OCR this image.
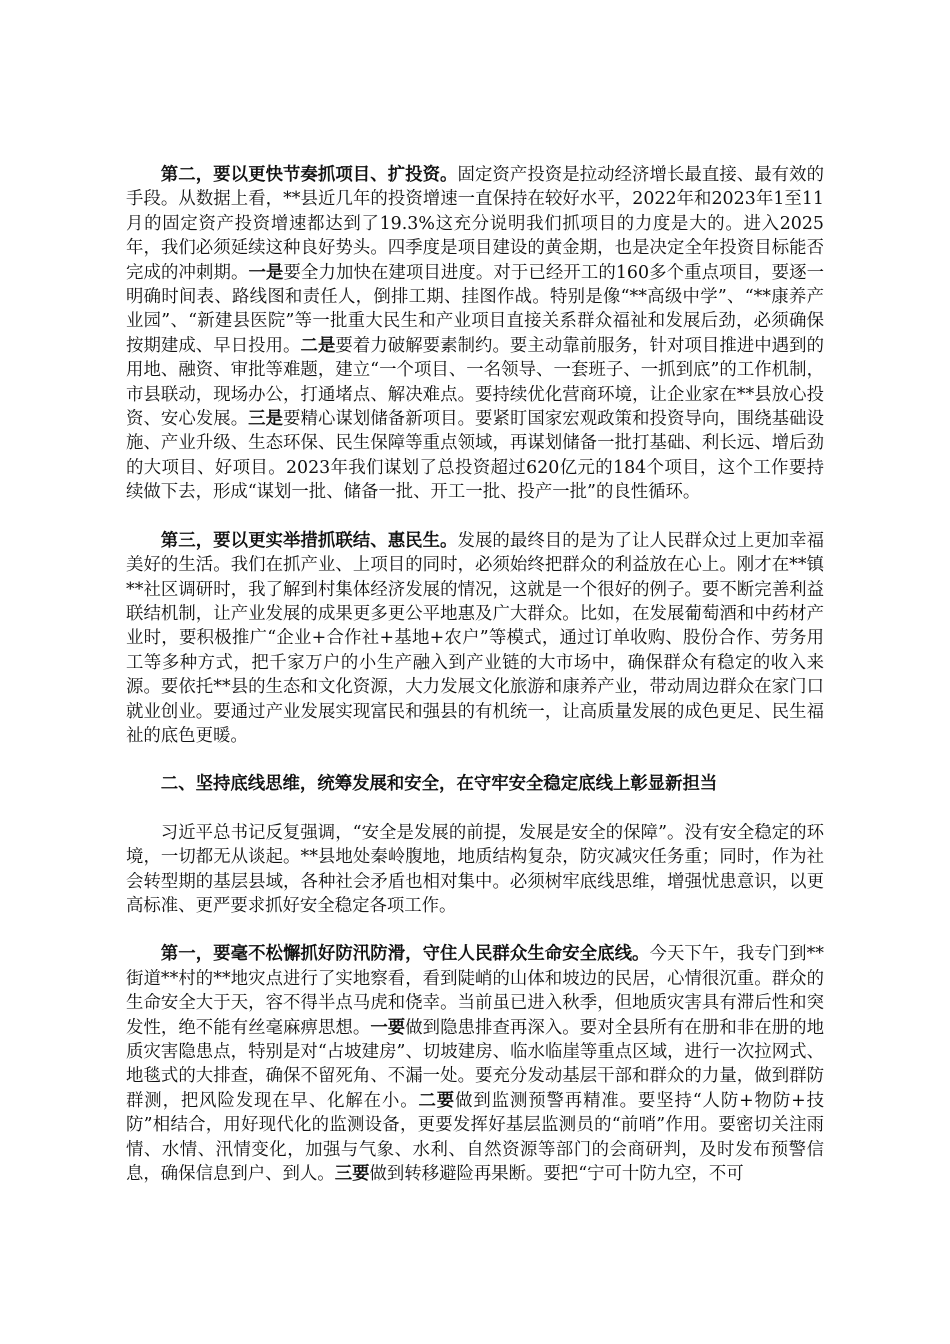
第二，要以更快节奏抓项目、扩投资。固定资产投资是拉动经济增长最直接、最有效的手段。从数据上看，**县近几年的投资增速一直保持在较好水平，2022年和2023年1至11月的固定资产投资增速都达到了19.3%这充分说明我们抓项目的力度是大的。进入2025年，我们必须延续这种良好势头。四季度是项目建设的黄金期，也是决定全年投资目标能否完成的冲刺期。一是要全力加快在建项目进度。对于已经开工的160多个重点项目，要逐一明确时间表、路线图和责任人，倒排工期、挂图作战。特别是像“**高级中学”、“**康养产业园”、“新建县医院”等一批重大民生和产业项目直接关系群众福祉和发展后劲，必须确保按期建成、早日投用。二是要着力破解要素制约。要主动靠前服务，针对项目推进中遇到的用地、融资、审批等难题，建立“一个项目、一名领导、一套班子、一抓到底”的工作机制，市县联动，现场办公，打通堵点、解决难点。要持续优化营商环境，让企业家在**县放心投资、安心发展。三是要精心谋划储备新项目。要紧盯国家宏观政策和投资导向，围绕基础设施、产业升级、生态环保、民生保障等重点领域，再谋划储备一批打基础、利长远、增后劲的大项目、好项目。2023年我们谋划了总投资超过620亿元的184个项目，这个工作要持续做下去，形成“谋划一批、储备一批、开工一批、投产一批”的良性循环。

第三，要以更实举措抓联结、惠民生。发展的最终目的是为了让人民群众过上更加幸福美好的生活。我们在抓产业、上项目的同时，必须始终把群众的利益放在心上。刚才在**镇**社区调研时，我了解到村集体经济发展的情况，这就是一个很好的例子。要不断完善利益联结机制，让产业发展的成果更多更公平地惠及广大群众。比如，在发展葡萄酒和中药材产业时，要积极推广“企业+合作社+基地+农户”等模式，通过订单收购、股份合作、劳务用工等多种方式，把千家万户的小生产融入到产业链的大市场中，确保群众有稳定的收入来源。要依托**县的生态和文化资源，大力发展文化旅游和康养产业，带动周边群众在家门口就业创业。要通过产业发展实现富民和强县的有机统一，让高质量发展的成色更足、民生福祉的底色更暖。

二、坚持底线思维，统筹发展和安全，在守牢安全稳定底线上彰显新担当

习近平总书记反复强调，“安全是发展的前提，发展是安全的保障”。没有安全稳定的环境，一切都无从谈起。**县地处秦岭腹地，地质结构复杂，防灾减灾任务重；同时，作为社会转型期的基层县域，各种社会矛盾也相对集中。必须树牢底线思维，增强忧患意识，以更高标准、更严要求抓好安全稳定各项工作。

第一，要毫不松懈抓好防汛防滑，守住人民群众生命安全底线。今天下午，我专门到**街道**村的**地灾点进行了实地察看，看到陡峭的山体和坡边的民居，心情很沉重。群众的生命安全大于天，容不得半点马虎和侥幸。当前虽已进入秋季，但地质灾害具有滞后性和突发性，绝不能有丝毫麻痹思想。一要做到隐患排查再深入。要对全县所有在册和非在册的地质灾害隐患点，特别是对“占坡建房”、切坡建房、临水临崖等重点区域，进行一次拉网式、地毯式的大排查，确保不留死角、不漏一处。要充分发动基层干部和群众的力量，做到群防群测，把风险发现在早、化解在小。二要做到监测预警再精准。要坚持“人防+物防+技防”相结合，用好现代化的监测设备，更要发挥好基层监测员的“前哨”作用。要密切关注雨情、水情、汛情变化，加强与气象、水利、自然资源等部门的会商研判，及时发布预警信息，确保信息到户、到人。三要做到转移避险再果断。要把“宁可十防九空，不可
